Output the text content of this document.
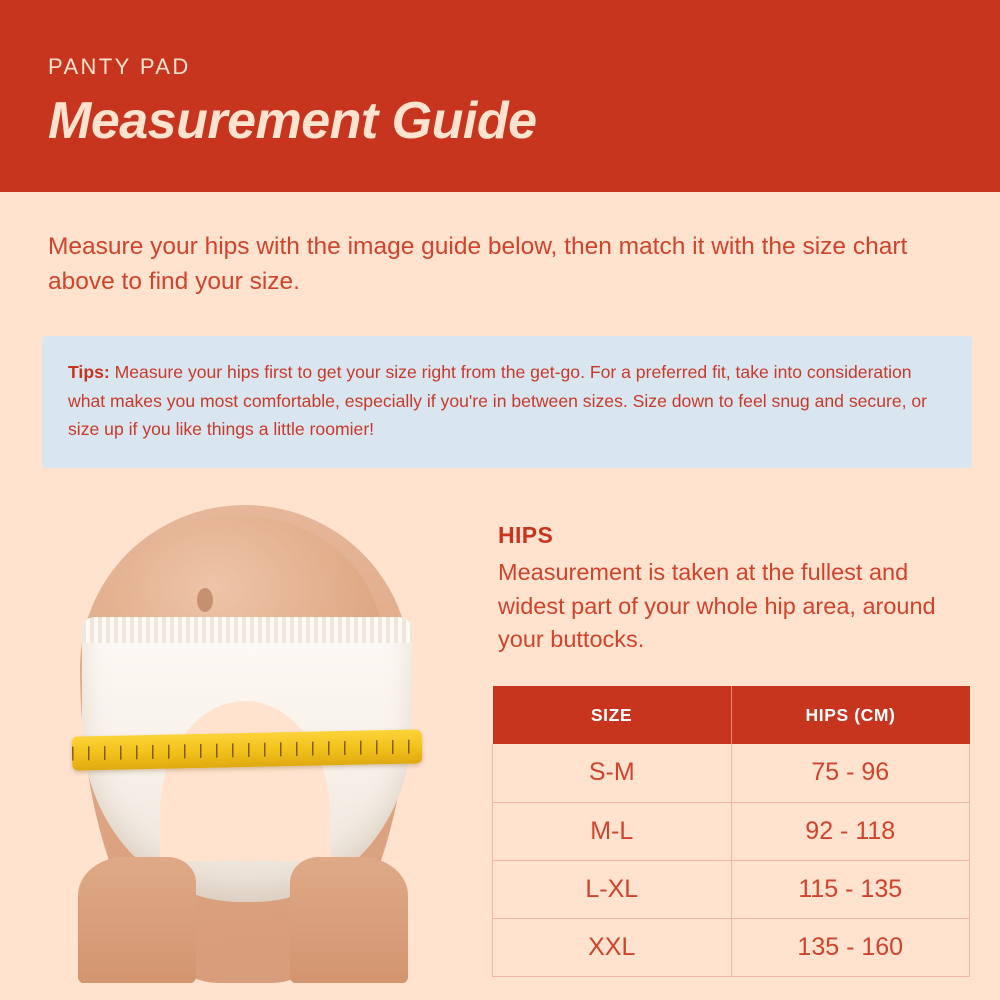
PANTY PAD
Measurement Guide
Measure your hips with the image guide below, then match it with the size chart above to find your size.
Tips: Measure your hips first to get your size right from the get-go. For a preferred fit, take into consideration what makes you most comfortable, especially if you're in between sizes. Size down to feel snug and secure, or size up if you like things a little roomier!
HIPS
Measurement is taken at the fullest and widest part of your whole hip area, around your buttocks.
SIZE	HIPS (CM)
S-M	75 - 96
M-L	92 - 118
L-XL	115 - 135
XXL	135 - 160
